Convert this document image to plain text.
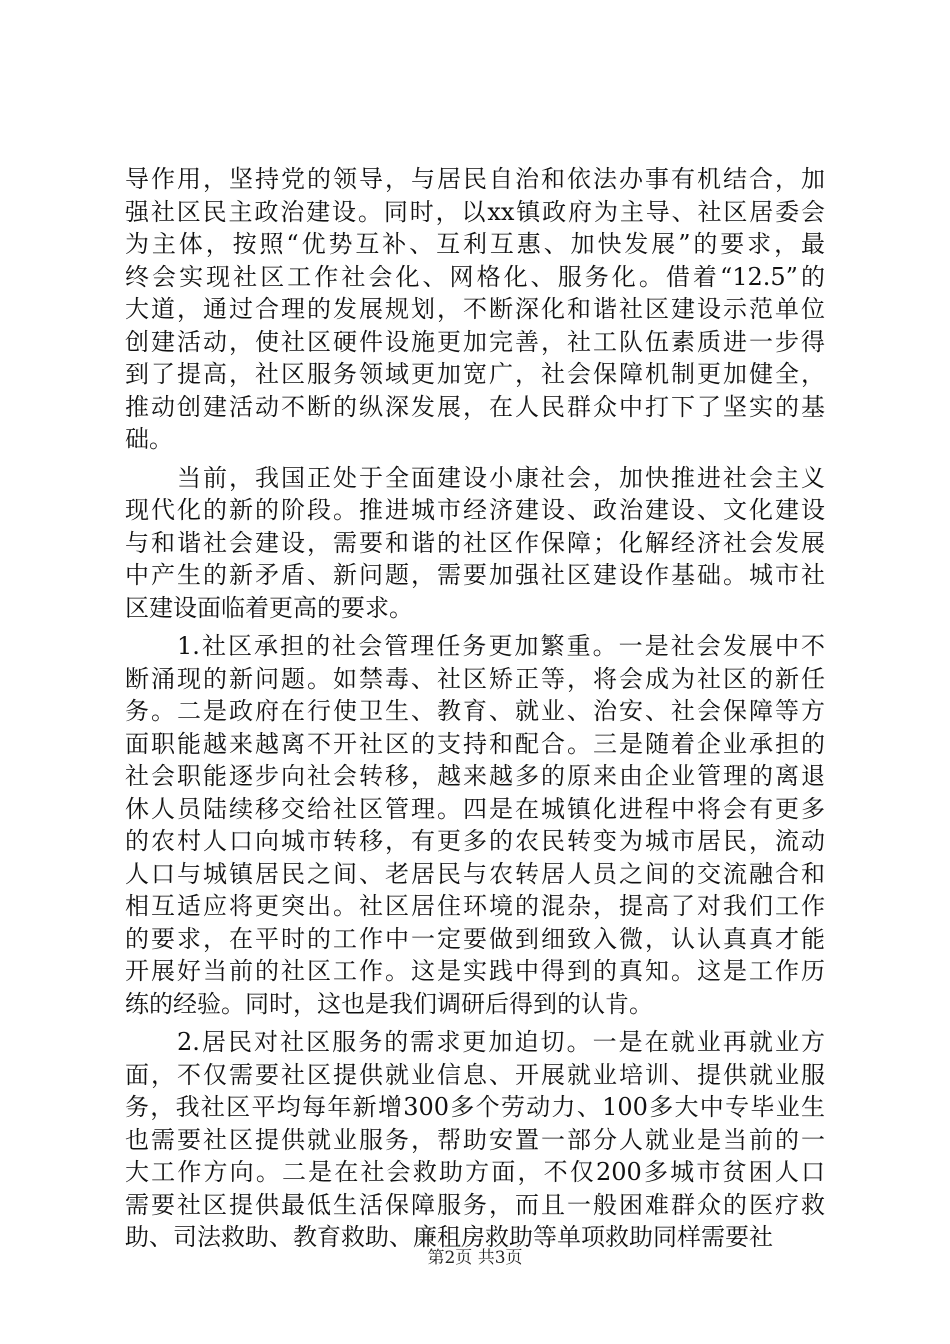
导作用，坚持党的领导，与居民自治和依法办事有机结合，加
强社区民主政治建设。同时，以xx镇政府为主导、社区居委会
为主体，按照“优势互补、互利互惠、加快发展”的要求，最
终会实现社区工作社会化、网格化、服务化。借着“12.5”的
大道，通过合理的发展规划，不断深化和谐社区建设示范单位
创建活动，使社区硬件设施更加完善，社工队伍素质进一步得
到了提高，社区服务领域更加宽广，社会保障机制更加健全，
推动创建活动不断的纵深发展，在人民群众中打下了坚实的基
础。
当前，我国正处于全面建设小康社会，加快推进社会主义
现代化的新的阶段。推进城市经济建设、政治建设、文化建设
与和谐社会建设，需要和谐的社区作保障；化解经济社会发展
中产生的新矛盾、新问题，需要加强社区建设作基础。城市社
区建设面临着更高的要求。
1.社区承担的社会管理任务更加繁重。一是社会发展中不
断涌现的新问题。如禁毒、社区矫正等，将会成为社区的新任
务。二是政府在行使卫生、教育、就业、治安、社会保障等方
面职能越来越离不开社区的支持和配合。三是随着企业承担的
社会职能逐步向社会转移，越来越多的原来由企业管理的离退
休人员陆续移交给社区管理。四是在城镇化进程中将会有更多
的农村人口向城市转移，有更多的农民转变为城市居民，流动
人口与城镇居民之间、老居民与农转居人员之间的交流融合和
相互适应将更突出。社区居住环境的混杂，提高了对我们工作
的要求，在平时的工作中一定要做到细致入微，认认真真才能
开展好当前的社区工作。这是实践中得到的真知。这是工作历
练的经验。同时，这也是我们调研后得到的认肯。
2.居民对社区服务的需求更加迫切。一是在就业再就业方
面，不仅需要社区提供就业信息、开展就业培训、提供就业服
务，我社区平均每年新增300多个劳动力、100多大中专毕业生
也需要社区提供就业服务，帮助安置一部分人就业是当前的一
大工作方向。二是在社会救助方面，不仅200多城市贫困人口
需要社区提供最低生活保障服务，而且一般困难群众的医疗救
助、司法救助、教育救助、廉租房救助等单项救助同样需要社
第2页 共3页
